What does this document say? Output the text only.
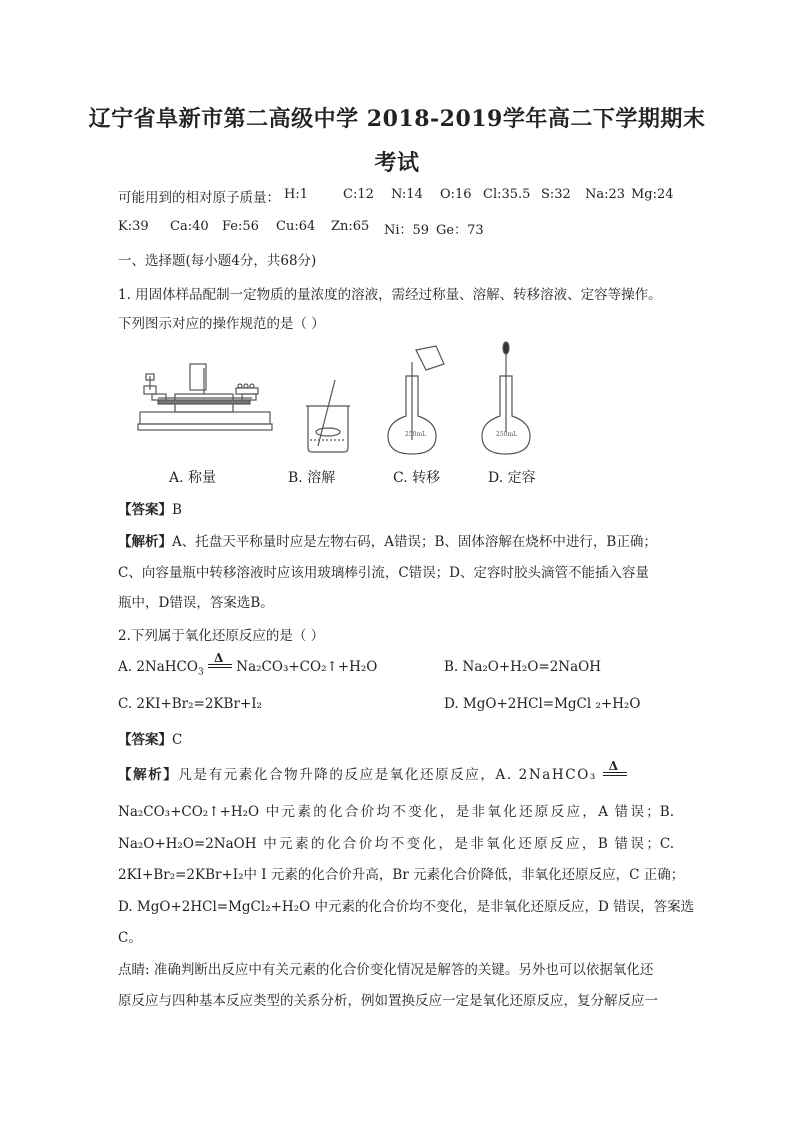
辽宁省阜新市第二高级中学 2018-2019学年高二下学期期末
考试
可能用到的相对原子质量： H:1	C:12 N:14 O:16 Cl:35.5 S:32 Na:23 Mg:24
K:39 Ca:40 Fe:56 Cu:64 Zn:65 Ni：59 Ge：73
一、选择题(每小题4分，共68分)
1. 用固体样品配制一定物质的量浓度的溶液，需经过称量、溶解、转移溶液、定容等操作。
下列图示对应的操作规范的是（ ）
250mL	250mL
A. 称量	B. 溶解	C. 转移	D. 定容
【答案】B
【解析】A、托盘天平称量时应是左物右码，A错误；B、固体溶解在烧杯中进行，B正确；
C、向容量瓶中转移溶液时应该用玻璃棒引流，C错误；D、定容时胶头滴管不能插入容量
瓶中，D错误，答案选B。
2.下列属于氧化还原反应的是（ ）
A. 2NaHCO$_3$
Δ
Na₂CO₃+CO₂↑+H₂O	B. Na₂O+H₂O=2NaOH
C. 2KI+Br₂=2KBr+I₂	D. MgO+2HCl=MgCl ₂+H₂O
【答案】C
【解析】凡是有元素化合物升降的反应是氧化还原反应，A. 2NaHCO₃
Δ
Na₂CO₃+CO₂↑+H₂O 中元素的化合价均不变化，是非氧化还原反应，A 错误；B.
Na₂O+H₂O=2NaOH 中元素的化合价均不变化，是非氧化还原反应，B 错误；C.
2KI+Br₂=2KBr+I₂中 I 元素的化合价升高，Br 元素化合价降低，非氧化还原反应，C 正确；
D. MgO+2HCl=MgCl₂+H₂O 中元素的化合价均不变化，是非氧化还原反应，D 错误，答案选
C。
点睛: 准确判断出反应中有关元素的化合价变化情况是解答的关键。另外也可以依据氧化还
原反应与四种基本反应类型的关系分析，例如置换反应一定是氧化还原反应，复分解反应一
